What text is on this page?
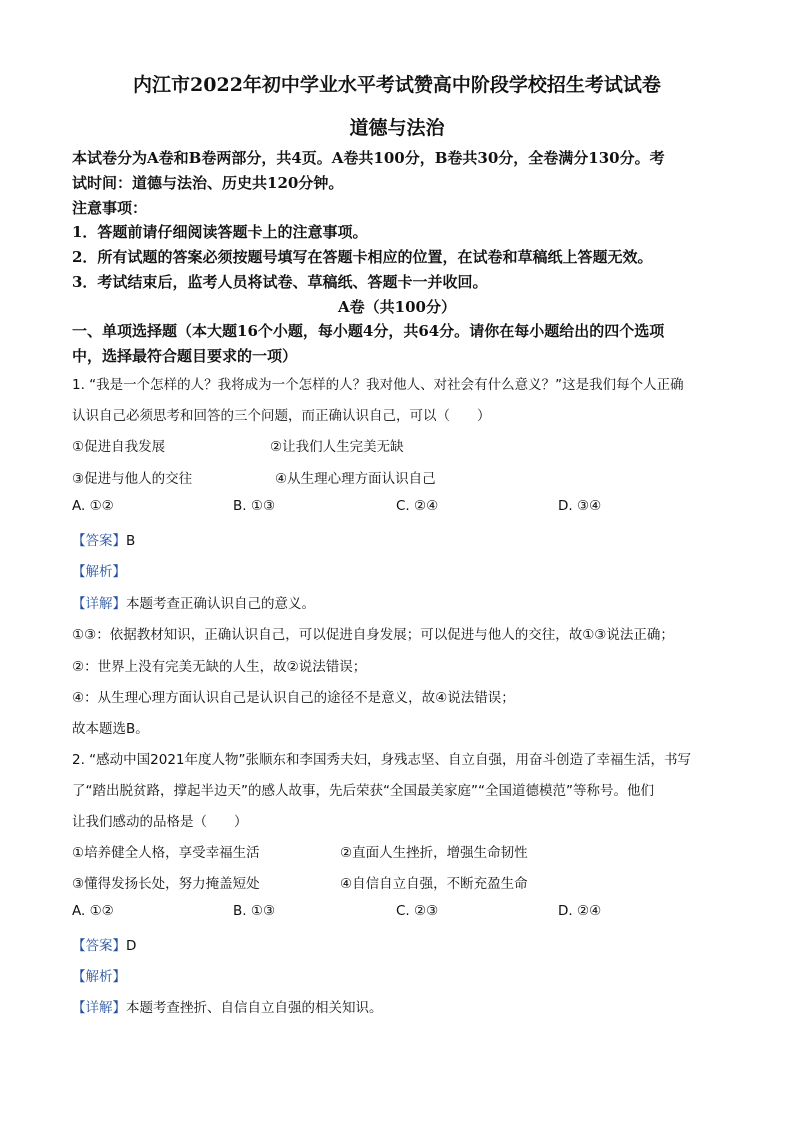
内江市2022年初中学业水平考试赞高中阶段学校招生考试试卷
道德与法治
本试卷分为A卷和B卷两部分，共4页。A卷共100分，B卷共30分，全卷满分130分。考
试时间：道德与法治、历史共120分钟。
注意事项：
1．答题前请仔细阅读答题卡上的注意事项。
2．所有试题的答案必须按题号填写在答题卡相应的位置，在试卷和草稿纸上答题无效。
3．考试结束后，监考人员将试卷、草稿纸、答题卡一并收回。
A卷（共100分）
一、单项选择题（本大题16个小题，每小题4分，共64分。请你在每小题给出的四个选项
中，选择最符合题目要求的一项）
1. “我是一个怎样的人？我将成为一个怎样的人？我对他人、对社会有什么意义？”这是我们每个人正确
认识自己必须思考和回答的三个问题，而正确认识自己，可以（　　）
①促进自我发展	②让我们人生完美无缺
③促进与他人的交往	④从生理心理方面认识自己
A. ①②	B. ①③	C. ②④	D. ③④
【答案】B
【解析】
【详解】本题考查正确认识自己的意义。
①③：依据教材知识，正确认识自己，可以促进自身发展；可以促进与他人的交往，故①③说法正确；
②：世界上没有完美无缺的人生，故②说法错误；
④：从生理心理方面认识自己是认识自己的途径不是意义，故④说法错误；
故本题选B。
2. “感动中国2021年度人物”张顺东和李国秀夫妇，身残志坚、自立自强，用奋斗创造了幸福生活，书写
了“踏出脱贫路，撑起半边天”的感人故事，先后荣获“全国最美家庭”“全国道德模范”等称号。他们
让我们感动的品格是（　　）
①培养健全人格，享受幸福生活	②直面人生挫折，增强生命韧性
③懂得发扬长处，努力掩盖短处	④自信自立自强，不断充盈生命
A. ①②	B. ①③	C. ②③	D. ②④
【答案】D
【解析】
【详解】本题考查挫折、自信自立自强的相关知识。
